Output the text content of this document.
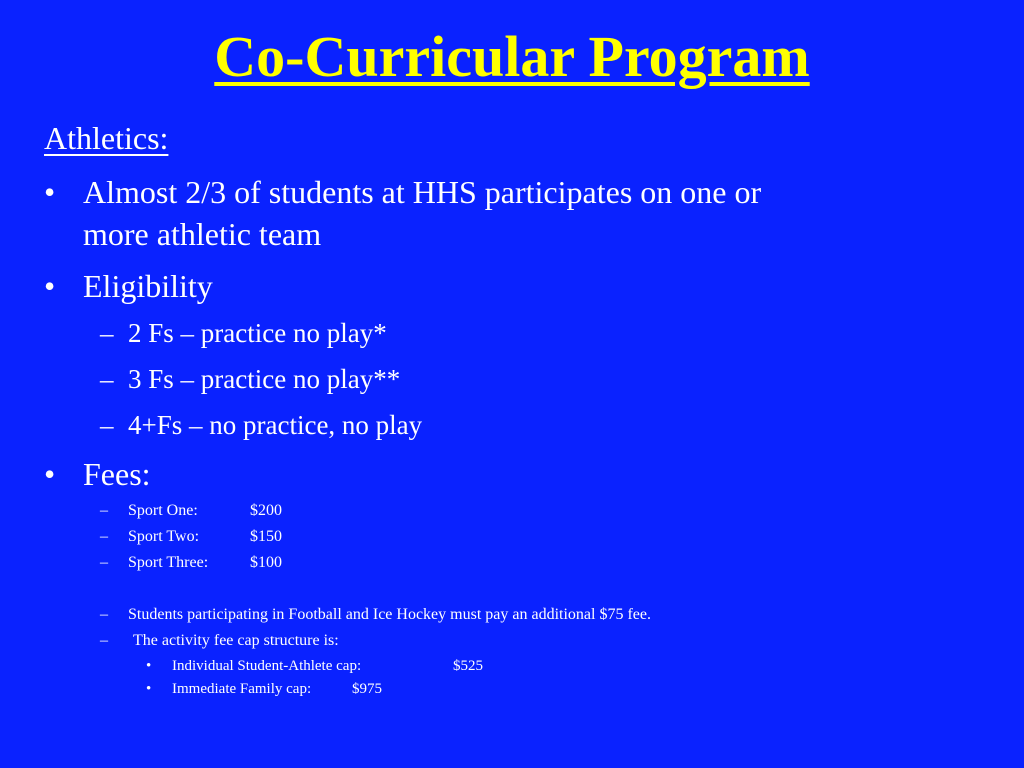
Co-Curricular Program
Athletics:
• Almost 2/3 of students at HHS participates on one or
more athletic team
• Eligibility
– 2 Fs – practice no play*
– 3 Fs – practice no play**
– 4+Fs – no practice, no play
• Fees:
– Sport One:	$200
– Sport Two:	$150
– Sport Three:	$100
– Students participating in Football and Ice Hockey must pay an additional $75 fee.
– The activity fee cap structure is:
• Individual Student-Athlete cap:	$525
• Immediate Family cap:	$975
